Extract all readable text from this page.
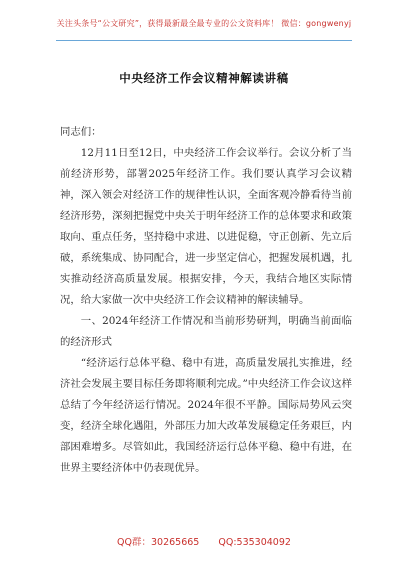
关注头条号“公文研究”，获得最新最全最专业的公文资料库！ 微信：gongwenyj
中央经济工作会议精神解读讲稿

同志们：

12月11日至12日，中央经济工作会议举行。会议分析了当前经济形势，部署2025年经济工作。我们要认真学习会议精神，深入领会对经济工作的规律性认识，全面客观冷静看待当前经济形势，深刻把握党中央关于明年经济工作的总体要求和政策取向、重点任务，坚持稳中求进、以进促稳，守正创新、先立后破，系统集成、协同配合，进一步坚定信心，把握发展机遇，扎实推动经济高质量发展。根据安排，今天，我结合地区实际情况，给大家做一次中央经济工作会议精神的解读辅导。

一、2024年经济工作情况和当前形势研判，明确当前面临的经济形式

“经济运行总体平稳、稳中有进，高质量发展扎实推进，经济社会发展主要目标任务即将顺利完成。”中央经济工作会议这样总结了今年经济运行情况。2024年很不平静。国际局势风云突变，经济全球化遇阻，外部压力加大改革发展稳定任务艰巨，内部困难增多。尽管如此，我国经济运行总体平稳、稳中有进，在世界主要经济体中仍表现优异。

QQ群：30265665 QQ:535304092
